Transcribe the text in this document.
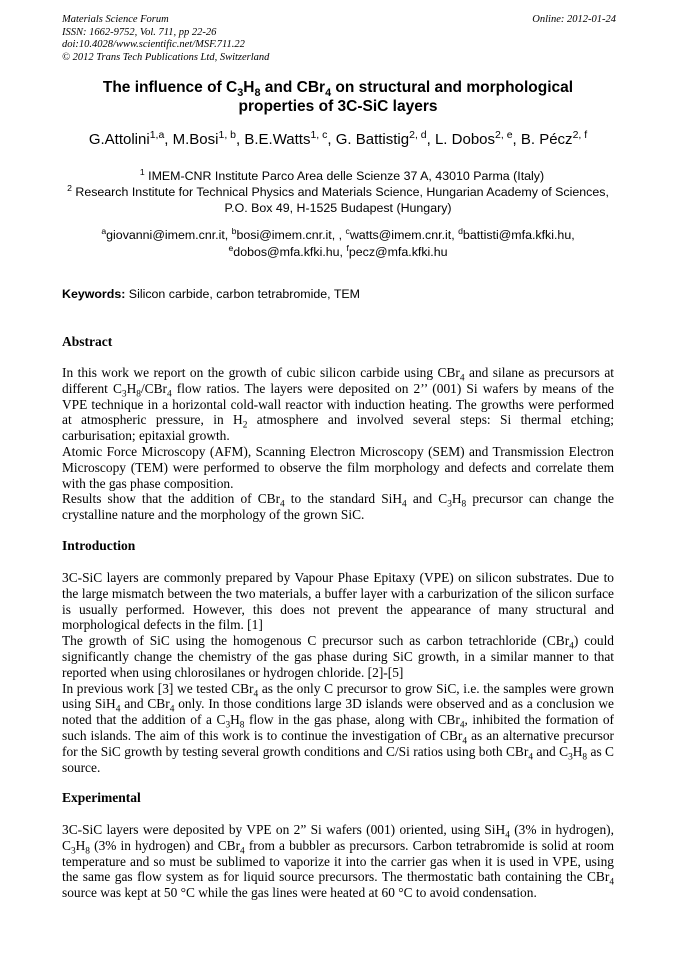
Materials Science Forum
ISSN: 1662-9752, Vol. 711, pp 22-26
doi:10.4028/www.scientific.net/MSF.711.22
© 2012 Trans Tech Publications Ltd, Switzerland
Online: 2012-01-24
The influence of $C_3H_8$ and CBr$_4$ on structural and morphological
properties of 3C-SiC layers
G.Attolini$^{1,a}$, M.Bosi$^{1, b}$, B.E.Watts$^{1, c}$, G. Battistig$^{2, d}$, L. Dobos$^{2, e}$, B. Pécz$^{2, f}$
$^1$ IMEM-CNR Institute Parco Area delle Scienze 37 A, 43010 Parma (Italy)
$^2$ Research Institute for Technical Physics and Materials Science, Hungarian Academy of Sciences,
P.O. Box 49, H-1525 Budapest (Hungary)
$^a$giovanni@imem.cnr.it, $^b$bosi@imem.cnr.it, , $^c$watts@imem.cnr.it, $^d$battisti@mfa.kfki.hu,
$^e$dobos@mfa.kfki.hu, $^f$pecz@mfa.kfki.hu
Keywords: Silicon carbide, carbon tetrabromide, TEM
Abstract

In this work we report on the growth of cubic silicon carbide using CBr$_4$ and silane as precursors at different $C_3H_8/CBr_4$ flow ratios. The layers were deposited on 2’’ (001) Si wafers by means of the VPE technique in a horizontal cold-wall reactor with induction heating. The growths were performed at atmospheric pressure, in $H_2$ atmosphere and involved several steps: Si thermal etching; carburisation; epitaxial growth.

Atomic Force Microscopy (AFM), Scanning Electron Microscopy (SEM) and Transmission Electron Microscopy (TEM) were performed to observe the film morphology and defects and correlate them with the gas phase composition.

Results show that the addition of CBr$_4$ to the standard SiH$_4$ and $C_3H_8$ precursor can change the crystalline nature and the morphology of the grown SiC.

Introduction

3C-SiC layers are commonly prepared by Vapour Phase Epitaxy (VPE) on silicon substrates. Due to the large mismatch between the two materials, a buffer layer with a carburization of the silicon surface is usually performed. However, this does not prevent the appearance of many structural and morphological defects in the film. [1]

The growth of SiC using the homogenous C precursor such as carbon tetrachloride (CBr$_4$) could significantly change the chemistry of the gas phase during SiC growth, in a similar manner to that reported when using chlorosilanes or hydrogen chloride. [2]-[5]

In previous work [3] we tested CBr$_4$ as the only C precursor to grow SiC, i.e. the samples were grown using SiH$_4$ and CBr$_4$ only. In those conditions large 3D islands were observed and as a conclusion we noted that the addition of a $C_3H_8$ flow in the gas phase, along with CBr$_4$, inhibited the formation of such islands. The aim of this work is to continue the investigation of CBr$_4$ as an alternative precursor for the SiC growth by testing several growth conditions and C/Si ratios using both CBr$_4$ and $C_3H_8$ as C source.

Experimental

3C-SiC layers were deposited by VPE on 2” Si wafers (001) oriented, using SiH$_4$ (3% in hydrogen), $C_3H_8$ (3% in hydrogen) and CBr$_4$ from a bubbler as precursors. Carbon tetrabromide is solid at room temperature and so must be sublimed to vaporize it into the carrier gas when it is used in VPE, using the same gas flow system as for liquid source precursors. The thermostatic bath containing the CBr$_4$ source was kept at 50 °C while the gas lines were heated at 60 °C to avoid condensation.
